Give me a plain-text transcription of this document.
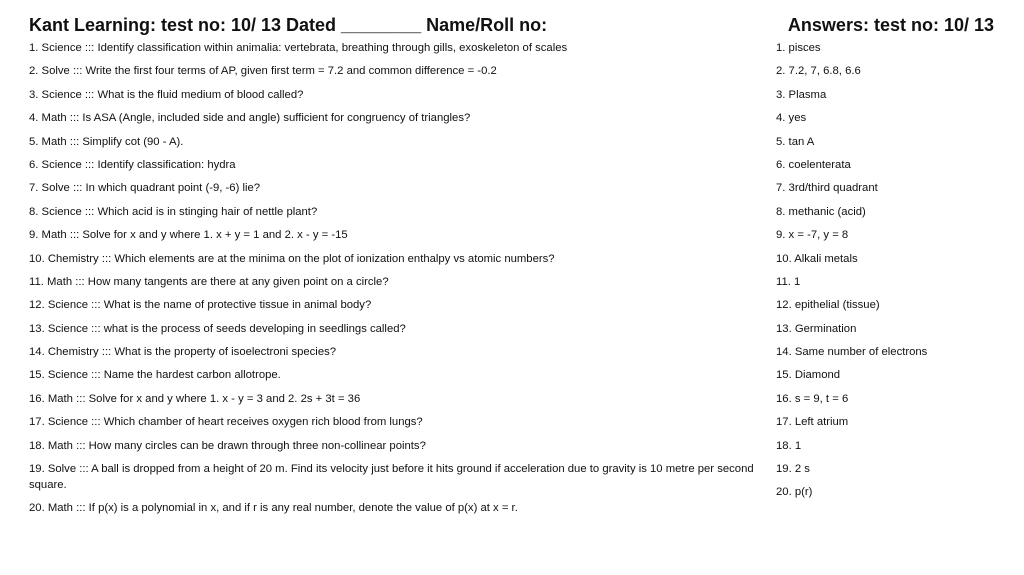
Kant Learning: test no: 10/ 13 Dated ________ Name/Roll no:	Answers: test no: 10/ 13
1. Science ::: Identify classification within animalia: vertebrata, breathing through gills, exoskeleton of scales
2. Solve ::: Write the first four terms of AP, given first term = 7.2 and common difference = -0.2
3. Science ::: What is the fluid medium of blood called?
4. Math ::: Is ASA (Angle, included side and angle) sufficient for congruency of triangles?
5. Math ::: Simplify cot (90 - A).
6. Science ::: Identify classification: hydra
7. Solve ::: In which quadrant point (-9, -6) lie?
8. Science ::: Which acid is in stinging hair of nettle plant?
9. Math ::: Solve for x and y where 1. x + y = 1 and 2. x - y = -15
10. Chemistry ::: Which elements are at the minima on the plot of ionization enthalpy vs atomic numbers?
11. Math ::: How many tangents are there at any given point on a circle?
12. Science ::: What is the name of protective tissue in animal body?
13. Science ::: what is the process of seeds developing in seedlings called?
14. Chemistry ::: What is the property of isoelectroni species?
15. Science ::: Name the hardest carbon allotrope.
16. Math ::: Solve for x and y where 1. x - y = 3 and 2. 2s + 3t = 36
17. Science ::: Which chamber of heart receives oxygen rich blood from lungs?
18. Math ::: How many circles can be drawn through three non-collinear points?
19. Solve ::: A ball is dropped from a height of 20 m. Find its velocity just before it hits ground if acceleration due to gravity is 10 metre per second square.
20. Math ::: If p(x) is a polynomial in x, and if r is any real number, denote the value of p(x) at x = r.
1. pisces
2. 7.2, 7, 6.8, 6.6
3. Plasma
4. yes
5. tan A
6. coelenterata
7. 3rd/third quadrant
8. methanic (acid)
9. x = -7, y = 8
10. Alkali metals
11. 1
12. epithelial (tissue)
13. Germination
14. Same number of electrons
15. Diamond
16. s = 9, t = 6
17. Left atrium
18. 1
19. 2 s
20. p(r)
